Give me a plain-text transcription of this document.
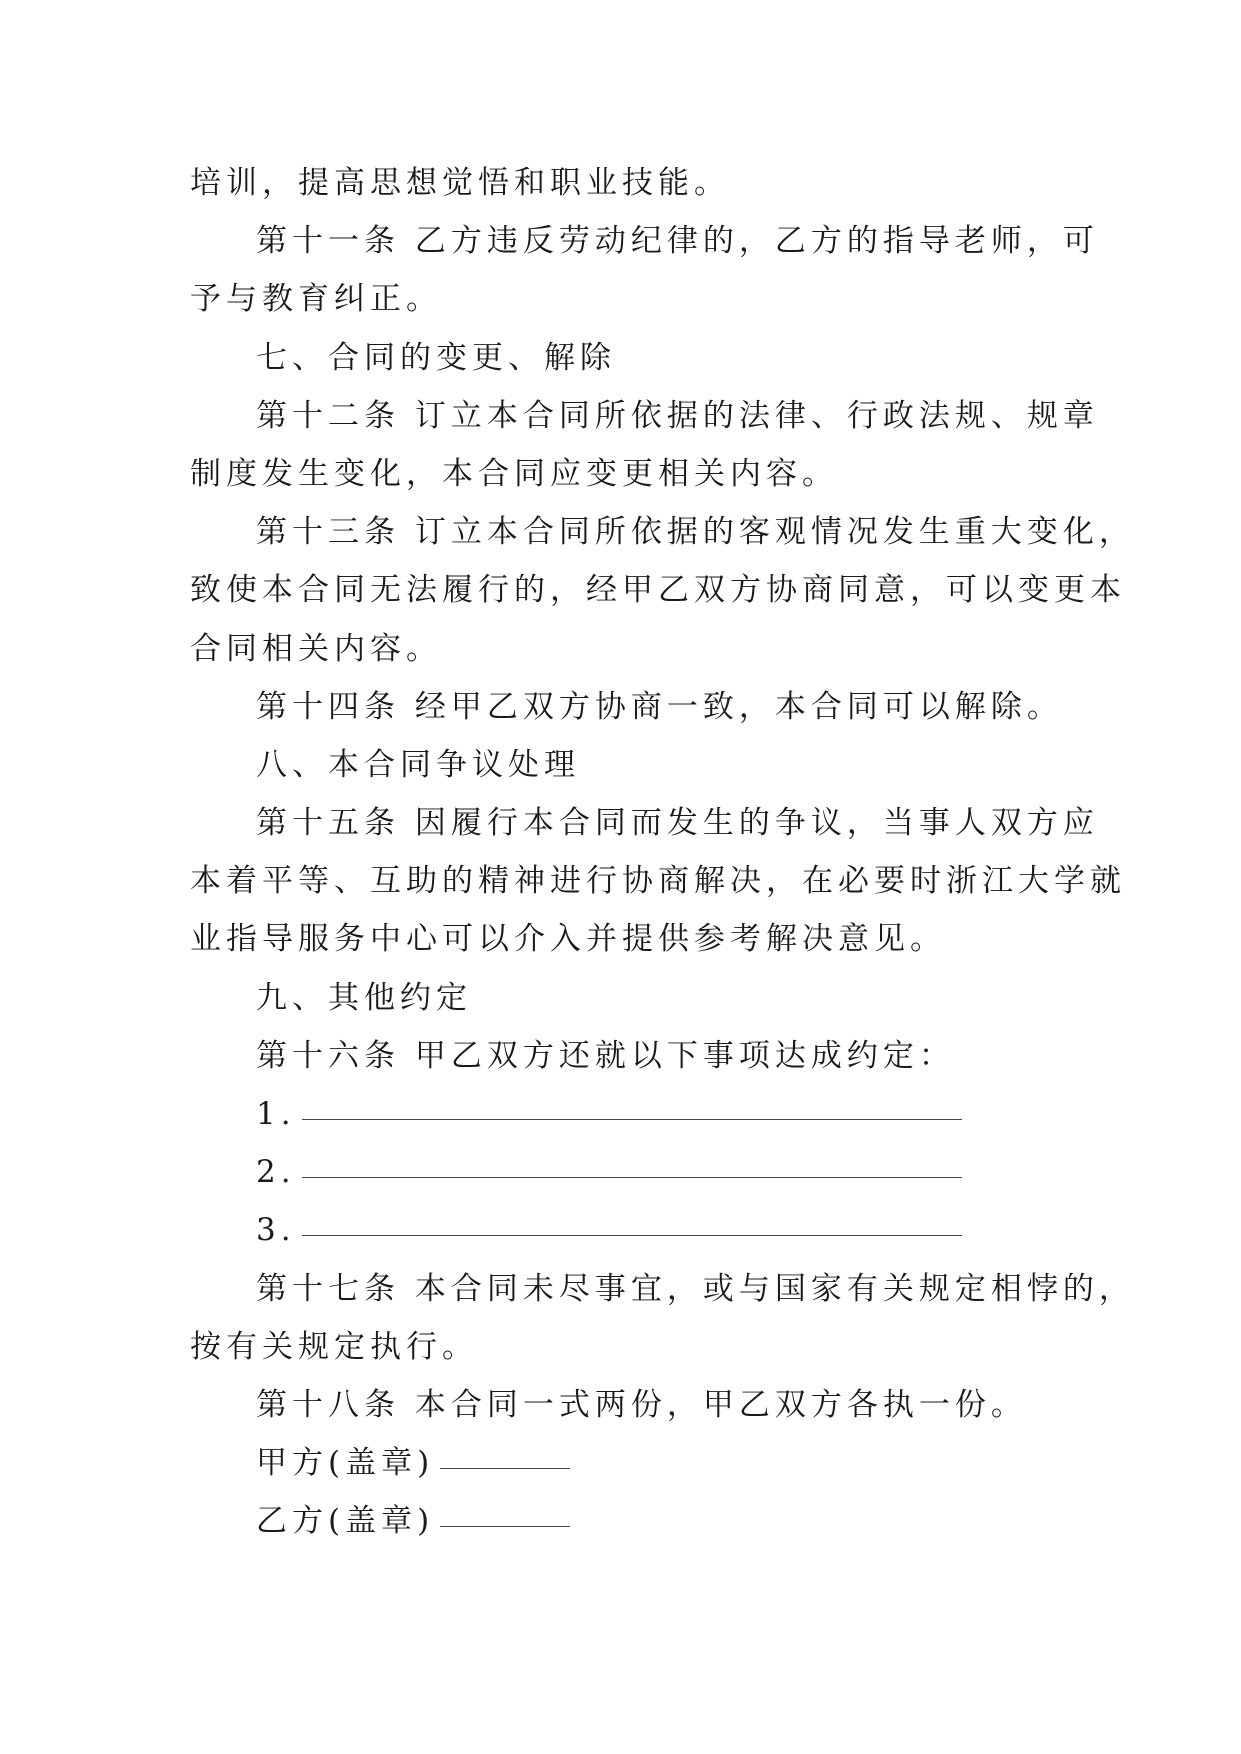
培训，提高思想觉悟和职业技能。
第十一条 乙方违反劳动纪律的，乙方的指导老师，可
予与教育纠正。
七、合同的变更、解除
第十二条 订立本合同所依据的法律、行政法规、规章
制度发生变化，本合同应变更相关内容。
第十三条 订立本合同所依据的客观情况发生重大变化，
致使本合同无法履行的，经甲乙双方协商同意，可以变更本
合同相关内容。
第十四条 经甲乙双方协商一致，本合同可以解除。
八、本合同争议处理
第十五条 因履行本合同而发生的争议，当事人双方应
本着平等、互助的精神进行协商解决，在必要时浙江大学就
业指导服务中心可以介入并提供参考解决意见。
九、其他约定
第十六条 甲乙双方还就以下事项达成约定：
1.
2.
3.
第十七条 本合同未尽事宜，或与国家有关规定相悖的，
按有关规定执行。
第十八条 本合同一式两份，甲乙双方各执一份。
甲方(盖章)
乙方(盖章)
